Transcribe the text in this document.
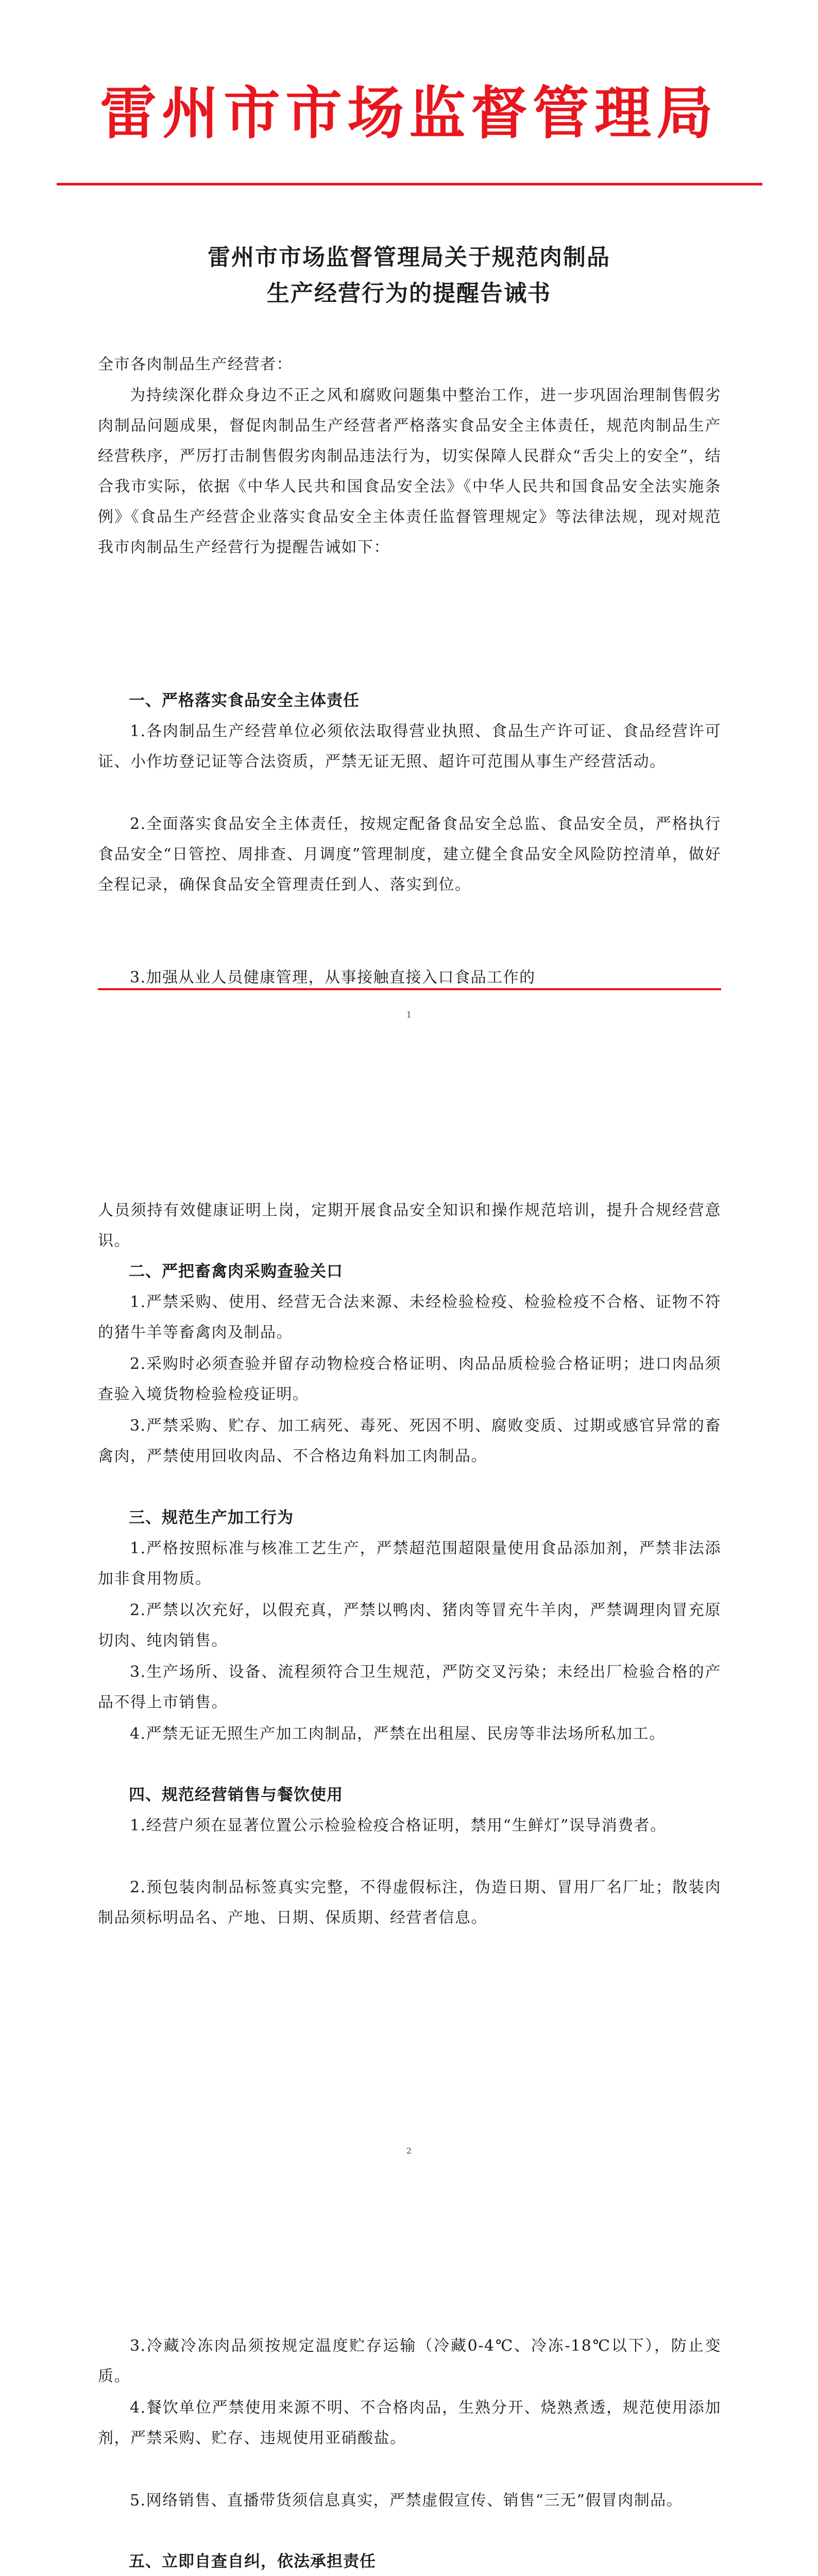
雷州市市场监督管理局
雷州市市场监督管理局关于规范肉制品
生产经营行为的提醒告诫书

全市各肉制品生产经营者：

为持续深化群众身边不正之风和腐败问题集中整治工作，进一步巩固治理制售假劣肉制品问题成果，督促肉制品生产经营者严格落实食品安全主体责任，规范肉制品生产经营秩序，严厉打击制售假劣肉制品违法行为，切实保障人民群众“舌尖上的安全”，结合我市实际，依据《中华人民共和国食品安全法》《中华人民共和国食品安全法实施条例》《食品生产经营企业落实食品安全主体责任监督管理规定》等法律法规，现对规范我市肉制品生产经营行为提醒告诫如下：

一、严格落实食品安全主体责任

1.各肉制品生产经营单位必须依法取得营业执照、食品生产许可证、食品经营许可证、小作坊登记证等合法资质，严禁无证无照、超许可范围从事生产经营活动。

2.全面落实食品安全主体责任，按规定配备食品安全总监、食品安全员，严格执行食品安全“日管控、周排查、月调度”管理制度，建立健全食品安全风险防控清单，做好全程记录，确保食品安全管理责任到人、落实到位。

3.加强从业人员健康管理，从事接触直接入口食品工作的

1

人员须持有效健康证明上岗，定期开展食品安全知识和操作规范培训，提升合规经营意识。

二、严把畜禽肉采购查验关口

1.严禁采购、使用、经营无合法来源、未经检验检疫、检验检疫不合格、证物不符的猪牛羊等畜禽肉及制品。

2.采购时必须查验并留存动物检疫合格证明、肉品品质检验合格证明；进口肉品须查验入境货物检验检疫证明。

3.严禁采购、贮存、加工病死、毒死、死因不明、腐败变质、过期或感官异常的畜禽肉，严禁使用回收肉品、不合格边角料加工肉制品。

三、规范生产加工行为

1.严格按照标准与核准工艺生产，严禁超范围超限量使用食品添加剂，严禁非法添加非食用物质。

2.严禁以次充好，以假充真，严禁以鸭肉、猪肉等冒充牛羊肉，严禁调理肉冒充原切肉、纯肉销售。

3.生产场所、设备、流程须符合卫生规范，严防交叉污染；未经出厂检验合格的产品不得上市销售。

4.严禁无证无照生产加工肉制品，严禁在出租屋、民房等非法场所私加工。

四、规范经营销售与餐饮使用

1.经营户须在显著位置公示检验检疫合格证明，禁用“生鲜灯”误导消费者。

2.预包装肉制品标签真实完整，不得虚假标注，伪造日期、冒用厂名厂址；散装肉制品须标明品名、产地、日期、保质期、经营者信息。

2

3.冷藏冷冻肉品须按规定温度贮存运输（冷藏0-4℃、冷冻-18℃以下），防止变质。

4.餐饮单位严禁使用来源不明、不合格肉品，生熟分开、烧熟煮透，规范使用添加剂，严禁采购、贮存、违规使用亚硝酸盐。

5.网络销售、直播带货须信息真实，严禁虚假宣传、销售“三无”假冒肉制品。

五、立即自查自纠，依法承担责任
